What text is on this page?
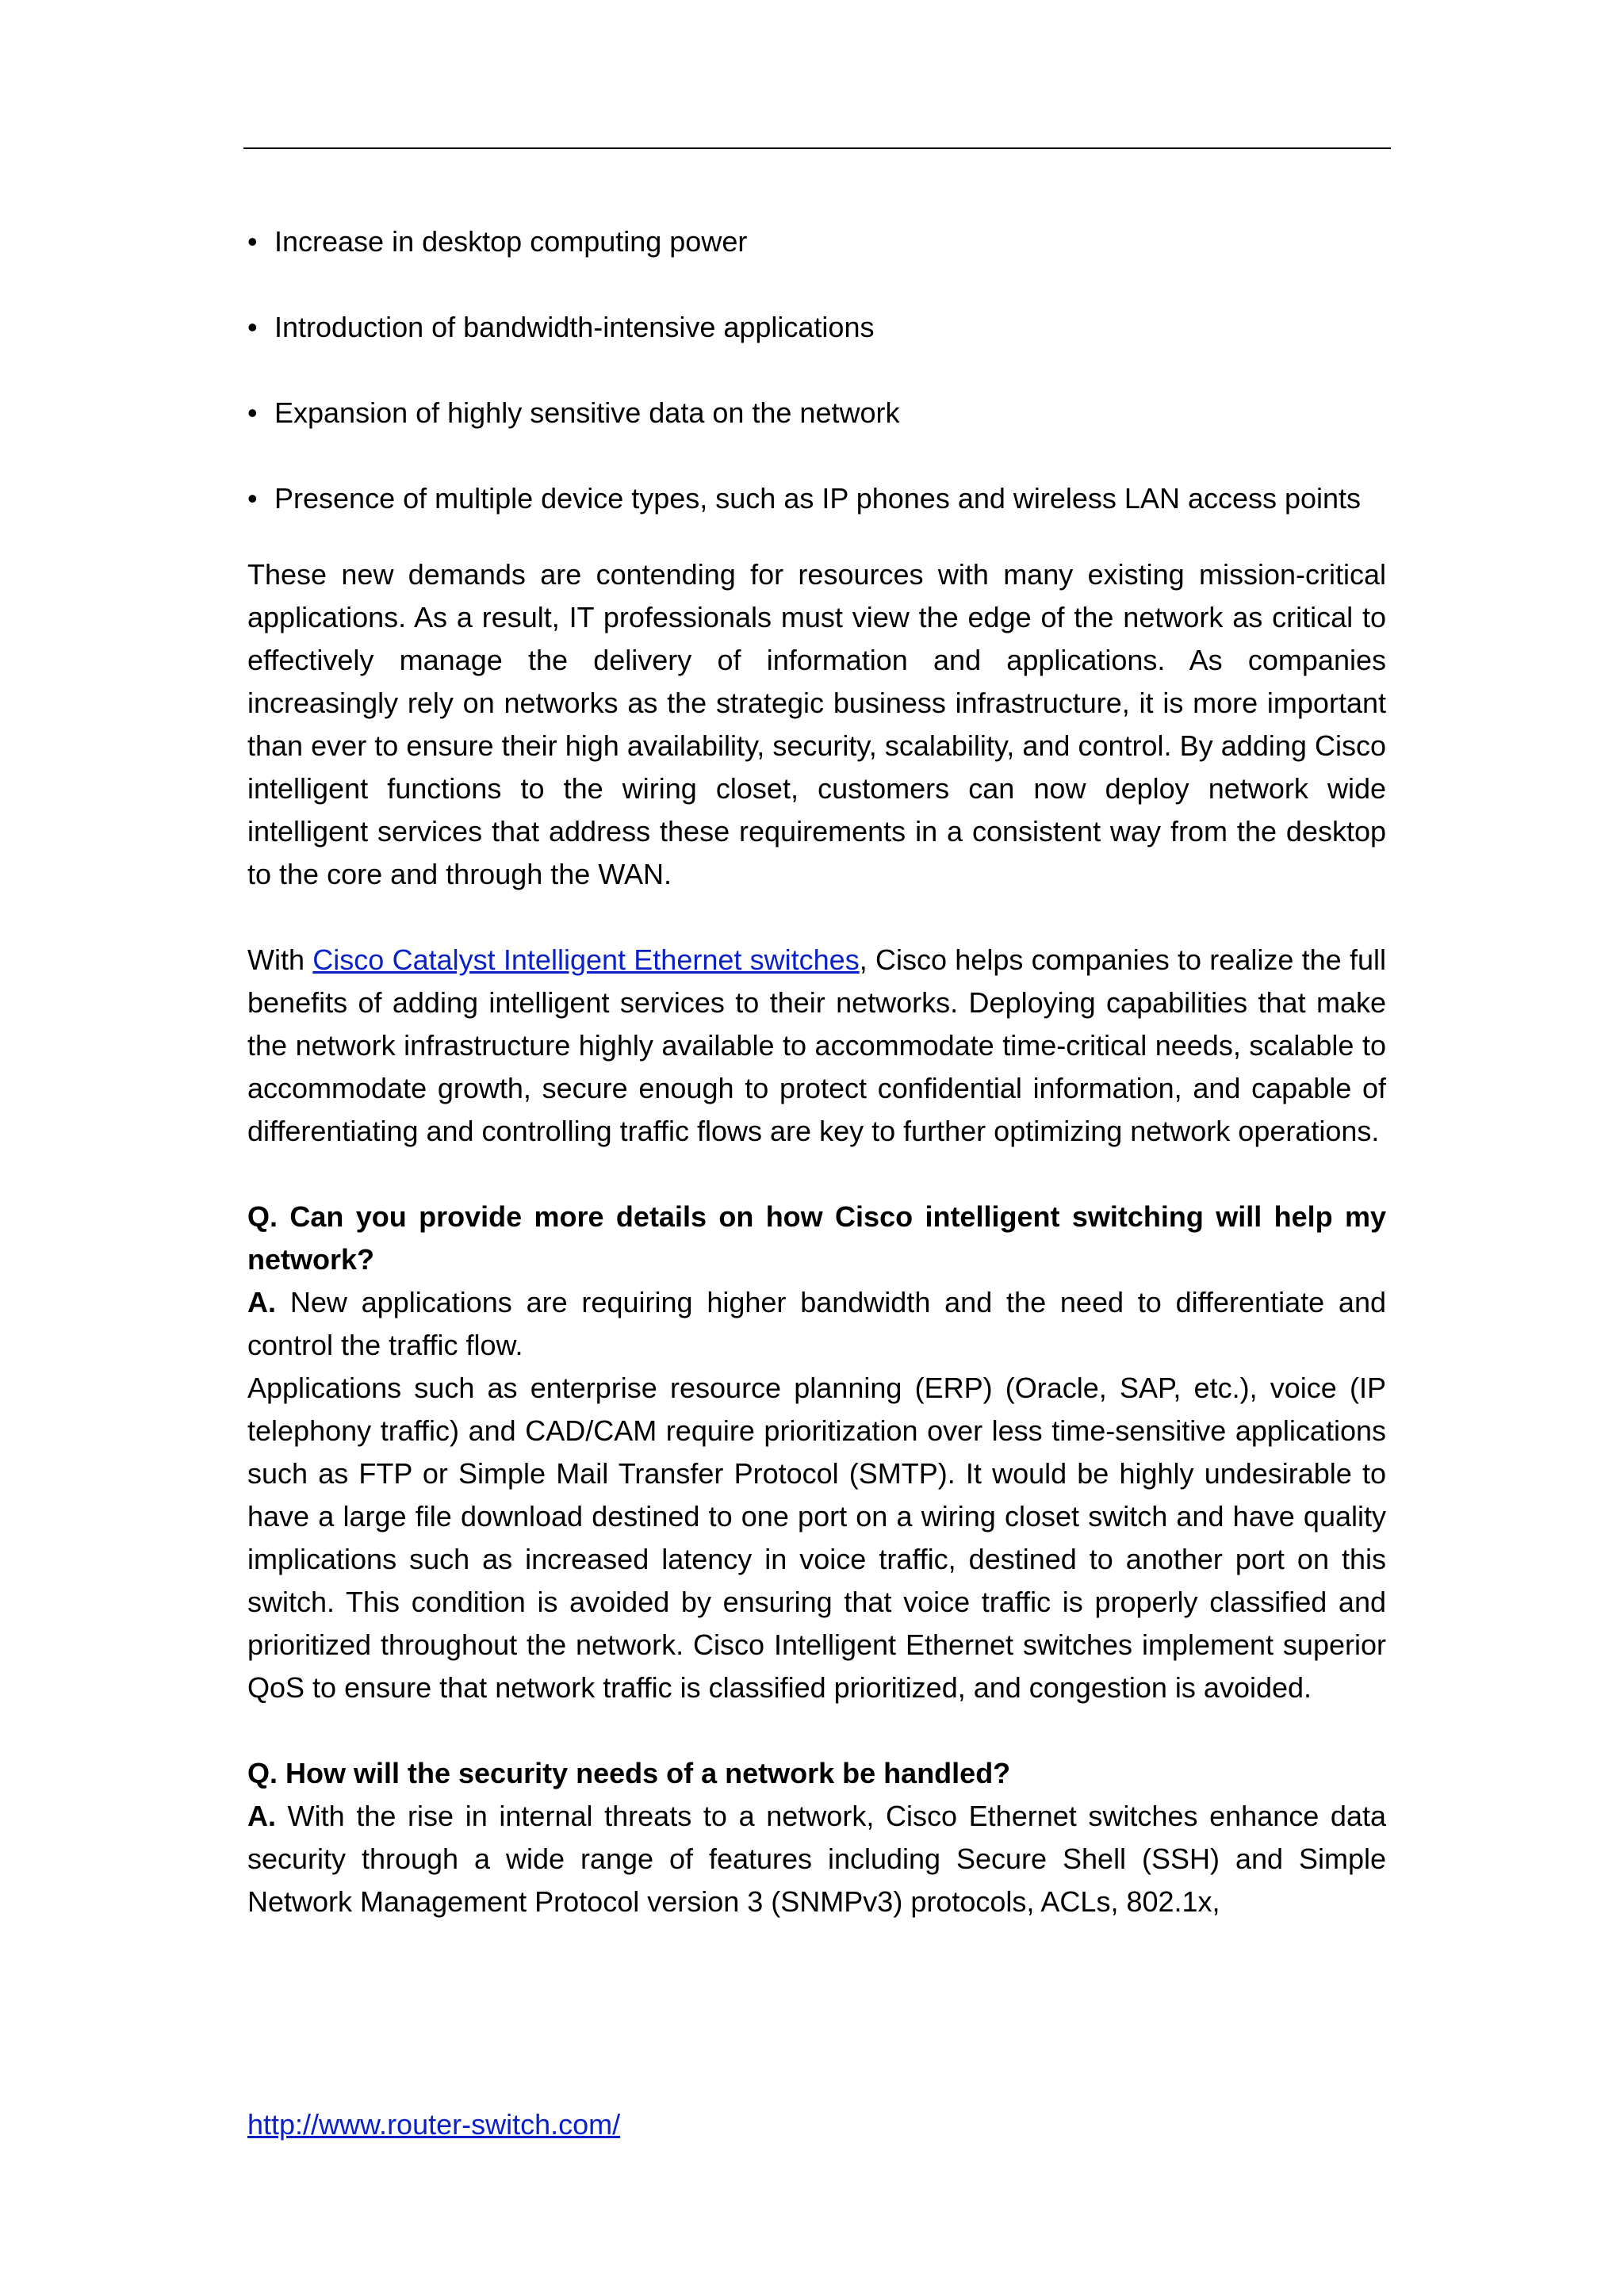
• Increase in desktop computing power
• Introduction of bandwidth-intensive applications
• Expansion of highly sensitive data on the network
• Presence of multiple device types, such as IP phones and wireless LAN access points

These new demands are contending for resources with many existing mission-critical applications. As a result, IT professionals must view the edge of the network as critical to effectively manage the delivery of information and applications. As companies increasingly rely on networks as the strategic business infrastructure, it is more important than ever to ensure their high availability, security, scalability, and control. By adding Cisco intelligent functions to the wiring closet, customers can now deploy network wide intelligent services that address these requirements in a consistent way from the desktop to the core and through the WAN.

With Cisco Catalyst Intelligent Ethernet switches, Cisco helps companies to realize the full benefits of adding intelligent services to their networks. Deploying capabilities that make the network infrastructure highly available to accommodate time-critical needs, scalable to accommodate growth, secure enough to protect confidential information, and capable of differentiating and controlling traffic flows are key to further optimizing network operations.

Q. Can you provide more details on how Cisco intelligent switching will help my network?

A. New applications are requiring higher bandwidth and the need to differentiate and control the traffic flow.

Applications such as enterprise resource planning (ERP) (Oracle, SAP, etc.), voice (IP telephony traffic) and CAD/CAM require prioritization over less time-sensitive applications such as FTP or Simple Mail Transfer Protocol (SMTP). It would be highly undesirable to have a large file download destined to one port on a wiring closet switch and have quality implications such as increased latency in voice traffic, destined to another port on this switch. This condition is avoided by ensuring that voice traffic is properly classified and prioritized throughout the network. Cisco Intelligent Ethernet switches implement superior QoS to ensure that network traffic is classified prioritized, and congestion is avoided.

Q. How will the security needs of a network be handled?

A. With the rise in internal threats to a network, Cisco Ethernet switches enhance data security through a wide range of features including Secure Shell (SSH) and Simple Network Management Protocol version 3 (SNMPv3) protocols, ACLs, 802.1x,

http://www.router-switch.com/
